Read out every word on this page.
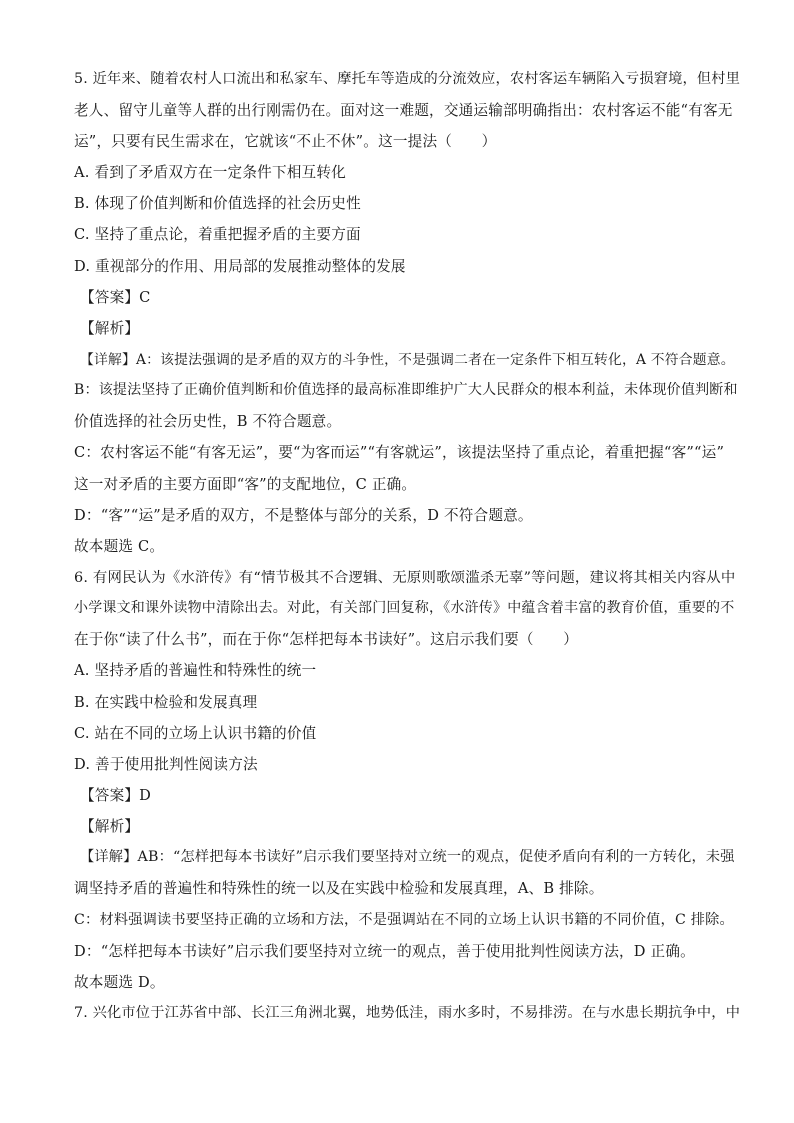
5. 近年来、随着农村人口流出和私家车、摩托车等造成的分流效应，农村客运车辆陷入亏损窘境，但村里
老人、留守儿童等人群的出行刚需仍在。面对这一难题，交通运输部明确指出：农村客运不能“有客无
运”，只要有民生需求在，它就该“不止不休”。这一提法（　　）
A. 看到了矛盾双方在一定条件下相互转化
B. 体现了价值判断和价值选择的社会历史性
C. 坚持了重点论，着重把握矛盾的主要方面
D. 重视部分的作用、用局部的发展推动整体的发展
【答案】C
【解析】
【详解】A：该提法强调的是矛盾的双方的斗争性，不是强调二者在一定条件下相互转化，A 不符合题意。
B：该提法坚持了正确价值判断和价值选择的最高标准即维护广大人民群众的根本利益，未体现价值判断和
价值选择的社会历史性，B 不符合题意。
C：农村客运不能“有客无运”，要“为客而运”“有客就运”，该提法坚持了重点论，着重把握“客”“运”
这一对矛盾的主要方面即“客”的支配地位，C 正确。
D：“客”“运”是矛盾的双方，不是整体与部分的关系，D 不符合题意。
故本题选 C。
6. 有网民认为《水浒传》有“情节极其不合逻辑、无原则歌颂滥杀无辜”等问题，建议将其相关内容从中
小学课文和课外读物中清除出去。对此，有关部门回复称，《水浒传》中蕴含着丰富的教育价值，重要的不
在于你“读了什么书”，而在于你“怎样把每本书读好”。这启示我们要（　　）
A. 坚持矛盾的普遍性和特殊性的统一
B. 在实践中检验和发展真理
C. 站在不同的立场上认识书籍的价值
D. 善于使用批判性阅读方法
【答案】D
【解析】
【详解】AB：“怎样把每本书读好”启示我们要坚持对立统一的观点，促使矛盾向有利的一方转化，未强
调坚持矛盾的普遍性和特殊性的统一以及在实践中检验和发展真理，A、B 排除。
C：材料强调读书要坚持正确的立场和方法，不是强调站在不同的立场上认识书籍的不同价值，C 排除。
D：“怎样把每本书读好”启示我们要坚持对立统一的观点，善于使用批判性阅读方法，D 正确。
故本题选 D。
7. 兴化市位于江苏省中部、长江三角洲北翼，地势低洼，雨水多时，不易排涝。在与水患长期抗争中，中
